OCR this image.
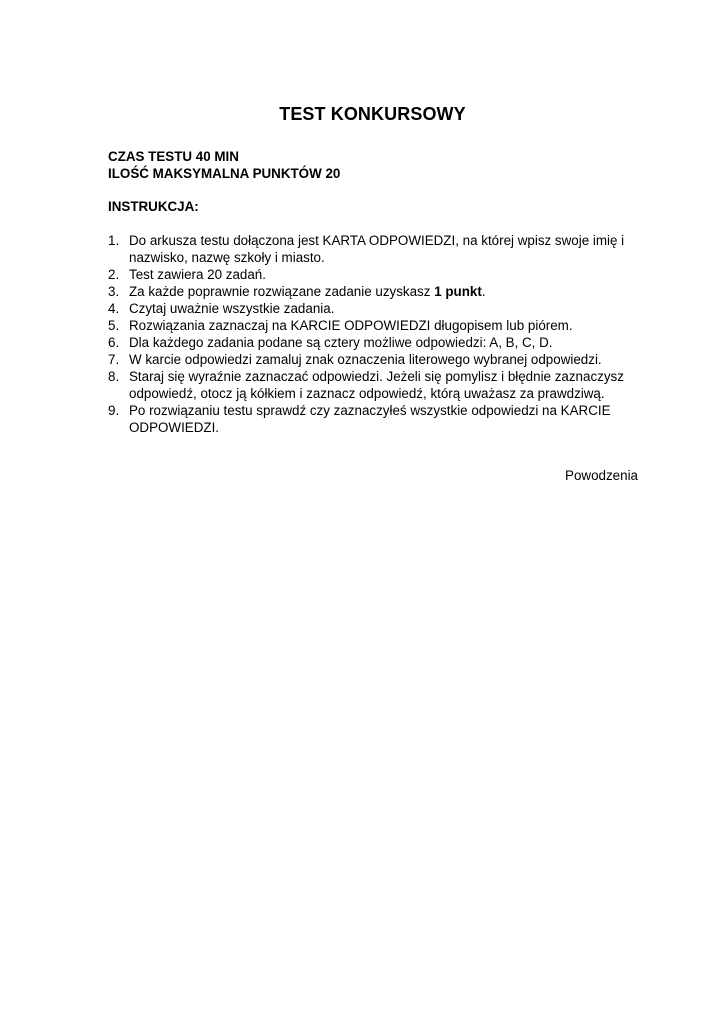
TEST KONKURSOWY
CZAS TESTU 40 MIN
ILOŚĆ MAKSYMALNA PUNKTÓW 20
INSTRUKCJA:
1. Do arkusza testu dołączona jest KARTA ODPOWIEDZI, na której wpisz swoje imię i nazwisko, nazwę szkoły i miasto.
2. Test zawiera 20 zadań.
3. Za każde poprawnie rozwiązane zadanie uzyskasz 1 punkt.
4. Czytaj uważnie wszystkie zadania.
5. Rozwiązania zaznaczaj na KARCIE ODPOWIEDZI długopisem lub piórem.
6. Dla każdego zadania podane są cztery możliwe odpowiedzi: A, B, C, D.
7. W karcie odpowiedzi zamaluj znak oznaczenia literowego wybranej odpowiedzi.
8. Staraj się wyraźnie zaznaczać odpowiedzi. Jeżeli się pomylisz i błędnie zaznaczysz odpowiedź, otocz ją kółkiem i zaznacz odpowiedź, którą uważasz za prawdziwą.
9. Po rozwiązaniu testu sprawdź czy zaznaczyłeś wszystkie odpowiedzi na KARCIE ODPOWIEDZI.
Powodzenia
